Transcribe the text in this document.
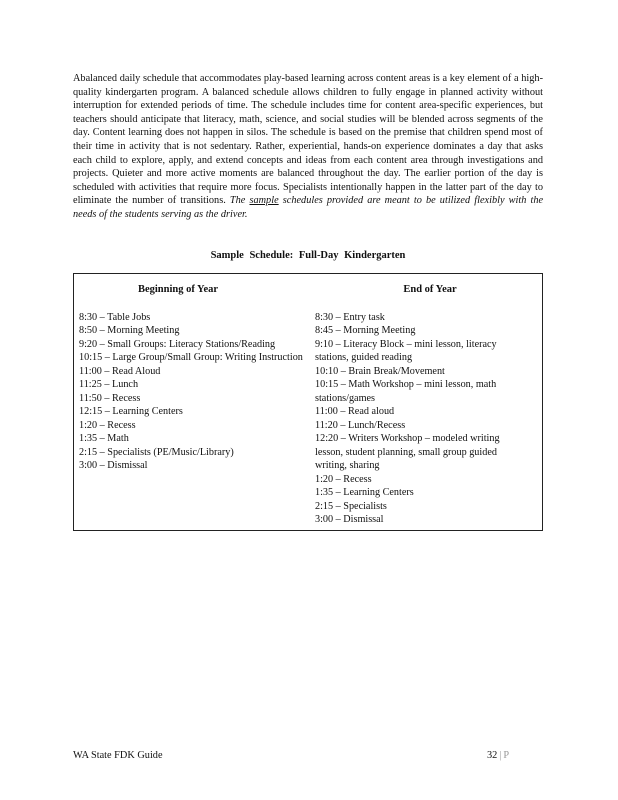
Abalanced daily schedule that accommodates play-based learning across content areas is a key element of a high-quality kindergarten program. A balanced schedule allows children to fully engage in planned activity without interruption for extended periods of time. The schedule includes time for content area-specific experiences, but teachers should anticipate that literacy, math, science, and social studies will be blended across segments of the day. Content learning does not happen in silos. The schedule is based on the premise that children spend most of their time in activity that is not sedentary. Rather, experiential, hands-on experience dominates a day that asks each child to explore, apply, and extend concepts and ideas from each content area through investigations and projects. Quieter and more active moments are balanced throughout the day. The earlier portion of the day is scheduled with activities that require more focus. Specialists intentionally happen in the latter part of the day to eliminate the number of transitions. The sample schedules provided are meant to be utilized flexibly with the needs of the students serving as the driver.
Sample Schedule: Full-Day Kindergarten
Beginning of Year
8:30 – Table Jobs
8:50 – Morning Meeting
9:20 – Small Groups: Literacy Stations/Reading
10:15 – Large Group/Small Group: Writing Instruction
11:00 – Read Aloud
11:25 – Lunch
11:50 – Recess
12:15 – Learning Centers
1:20 – Recess
1:35 – Math
2:15 – Specialists (PE/Music/Library)
3:00 – Dismissal
End of Year
8:30 – Entry task
8:45 – Morning Meeting
9:10 – Literacy Block – mini lesson, literacy stations, guided reading
10:10 – Brain Break/Movement
10:15 – Math Workshop – mini lesson, math stations/games
11:00 – Read aloud
11:20 – Lunch/Recess
12:20 – Writers Workshop – modeled writing lesson, student planning, small group guided writing, sharing
1:20 – Recess
1:35 – Learning Centers
2:15 – Specialists
3:00 – Dismissal
WA State FDK Guide	32 | P
